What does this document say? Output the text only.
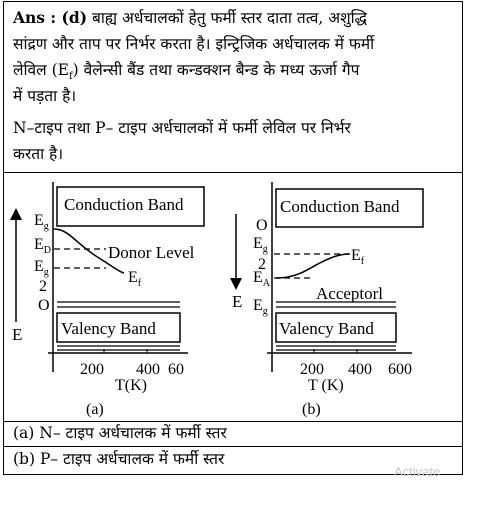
Ans : (d) बाह्य अर्धचालकों हेतु फर्मी स्तर दाता तत्व, अशुद्धि
सांद्रण और ताप पर निर्भर करता है। इन्ट्रिजिक अर्धचालक में फर्मी
लेविल $(E_f)$ वैलेन्सी बैंड तथा कन्डक्शन बैन्ड के मध्य ऊर्जा गैप
में पड़ता है।
N–टाइप तथा P– टाइप अर्धचालकों में फर्मी लेविल पर निर्भर
करता है।
E
Conduction Band
Valency Band
Donor Level
$E_g$
$E_D$
$E_g$
2
O
$E_f$
200 400 60
T(K)
(a)
E
Conduction Band
Valency Band
Acceptorl
O
$E_g$
2
$E_A$
$E_g$
$E_f$
200 400 600
T (K)
(b)
(a) N– टाइप अर्धचालक में फर्मी स्तर
(b) P– टाइप अर्धचालक में फर्मी स्तर
Activate
